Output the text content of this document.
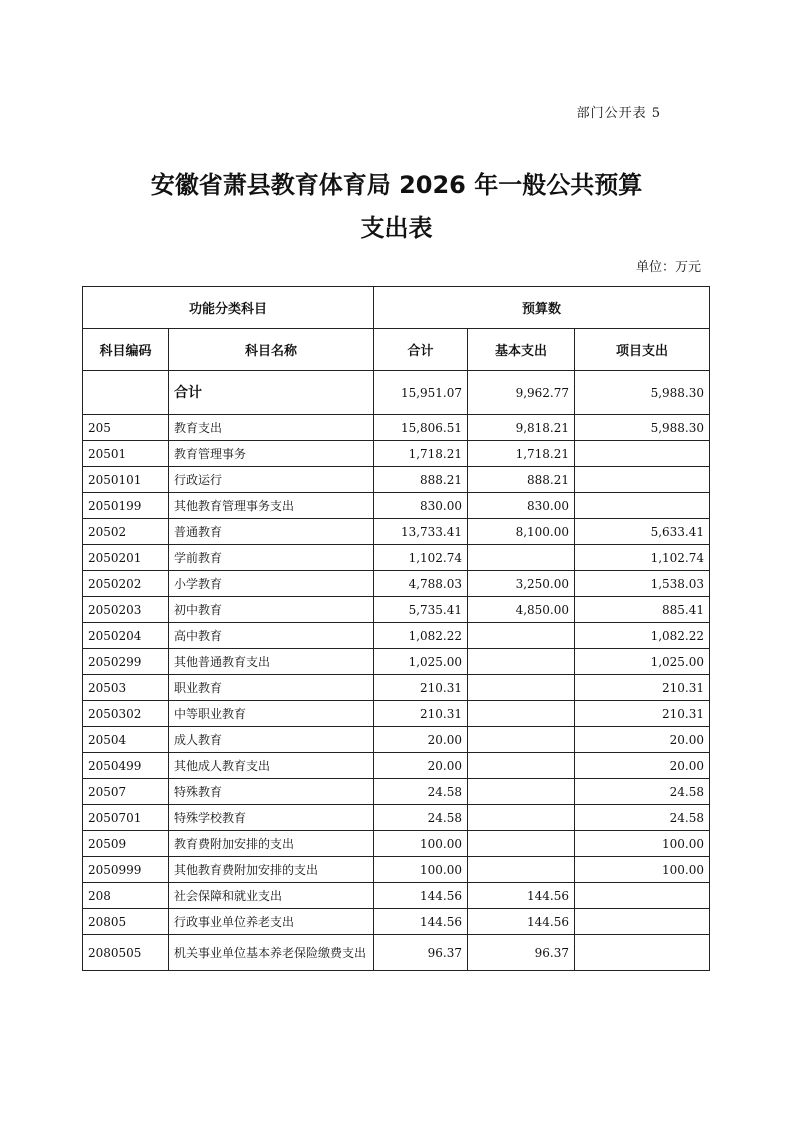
部门公开表 5
安徽省萧县教育体育局 2026 年一般公共预算
支出表
单位：万元
功能分类科目		预算数		
科目编码	科目名称	合计	基本支出	项目支出
	合计	15,951.07	9,962.77	5,988.30
205	教育支出	15,806.51	9,818.21	5,988.30
20501	教育管理事务	1,718.21	1,718.21	
2050101	行政运行	888.21	888.21	
2050199	其他教育管理事务支出	830.00	830.00	
20502	普通教育	13,733.41	8,100.00	5,633.41
2050201	学前教育	1,102.74		1,102.74
2050202	小学教育	4,788.03	3,250.00	1,538.03
2050203	初中教育	5,735.41	4,850.00	885.41
2050204	高中教育	1,082.22		1,082.22
2050299	其他普通教育支出	1,025.00		1,025.00
20503	职业教育	210.31		210.31
2050302	中等职业教育	210.31		210.31
20504	成人教育	20.00		20.00
2050499	其他成人教育支出	20.00		20.00
20507	特殊教育	24.58		24.58
2050701	特殊学校教育	24.58		24.58
20509	教育费附加安排的支出	100.00		100.00
2050999	其他教育费附加安排的支出	100.00		100.00
208	社会保障和就业支出	144.56	144.56	
20805	行政事业单位养老支出	144.56	144.56	
2080505	机关事业单位基本养老保险缴费支出	96.37	96.37	
